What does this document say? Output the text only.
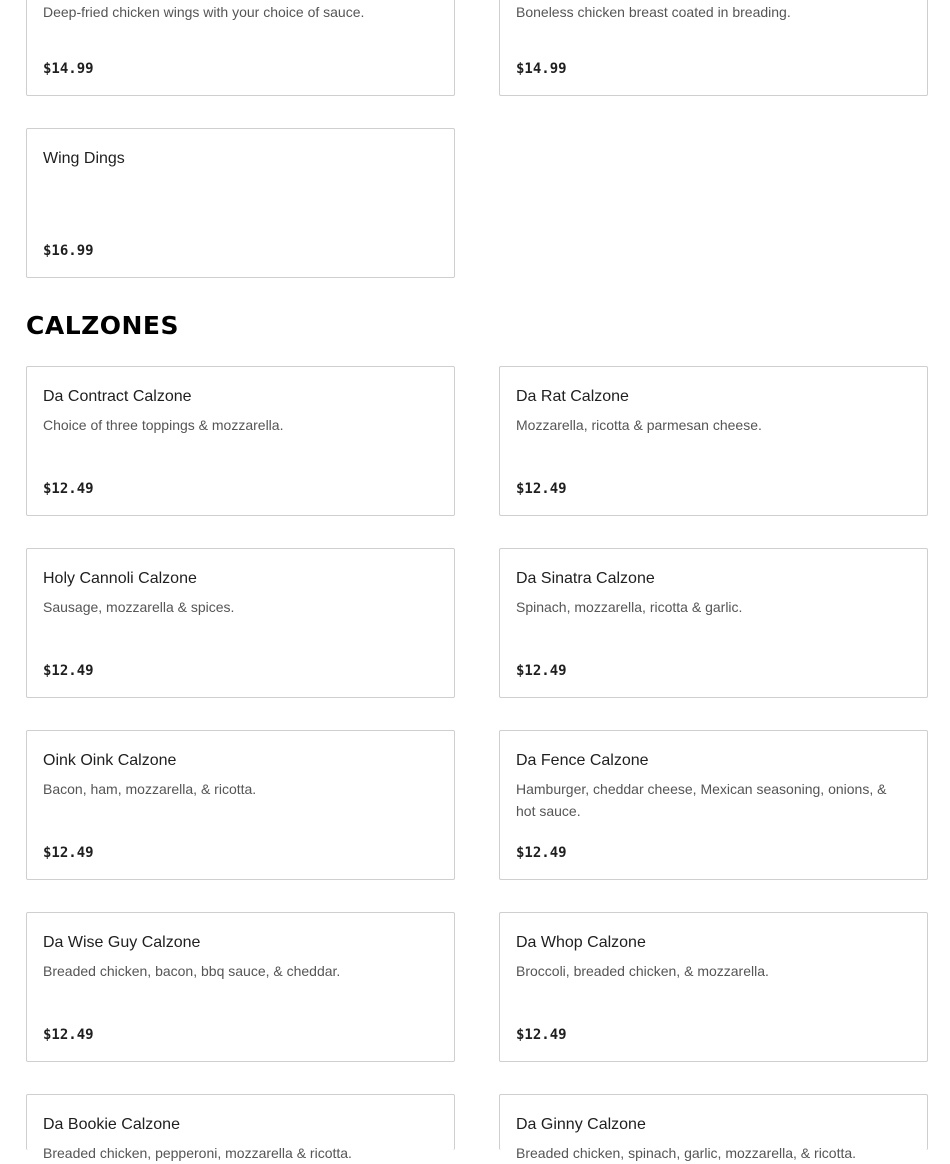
Deep-fried chicken wings with your choice of sauce.
$14.99
Boneless chicken breast coated in breading.
$14.99
Wing Dings
$16.99
CALZONES
Da Contract Calzone
Choice of three toppings & mozzarella.
$12.49
Da Rat Calzone
Mozzarella, ricotta & parmesan cheese.
$12.49
Holy Cannoli Calzone
Sausage, mozzarella & spices.
$12.49
Da Sinatra Calzone
Spinach, mozzarella, ricotta & garlic.
$12.49
Oink Oink Calzone
Bacon, ham, mozzarella, & ricotta.
$12.49
Da Fence Calzone
Hamburger, cheddar cheese, Mexican seasoning, onions, & hot sauce.
$12.49
Da Wise Guy Calzone
Breaded chicken, bacon, bbq sauce, & cheddar.
$12.49
Da Whop Calzone
Broccoli, breaded chicken, & mozzarella.
$12.49
Da Bookie Calzone
Breaded chicken, pepperoni, mozzarella & ricotta.
Da Ginny Calzone
Breaded chicken, spinach, garlic, mozzarella, & ricotta.
